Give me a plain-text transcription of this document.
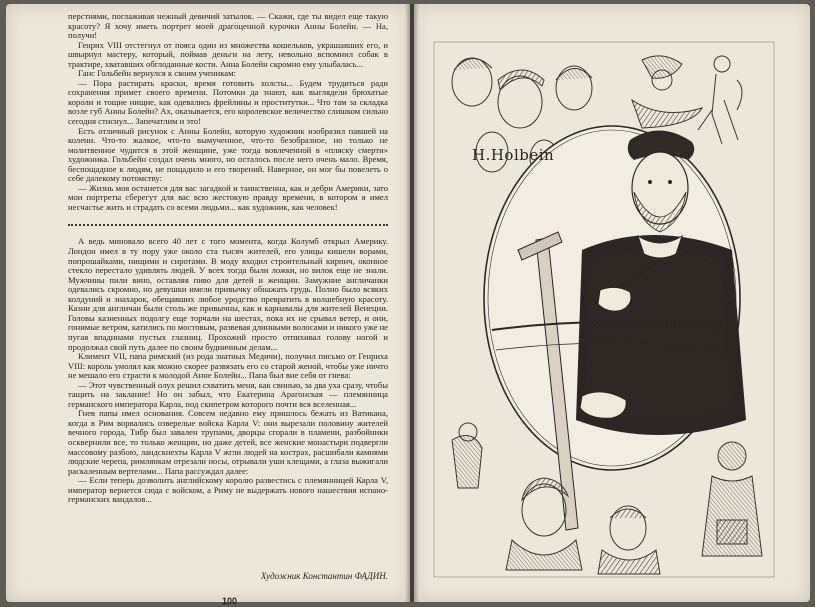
перстнями, поглаживая нежный девичий затылок. — Скажи, где ты видел еще такую красоту? Я хочу иметь портрет моей драгоценной курочки Анны Болейн. — На, получи!

Генрих VIII отстегнул от пояса один из множества кошельков, украшавших его, и швырнул мастеру, который, поймав деньги на лету, невольно вспомнил собак в трактире, хватавших обглоданные кости. Анна Болейн скромно ему улыбалась...

Ганс Гольбейн вернулся к своим ученикам:

— Пора растирать краски, время готовить холсты... Будем трудиться ради сохранения примет своего времени. Потомки да знают, как выглядели брюхатые короли и тощие нищие, как одевались фрейлины и проститутки... Что там за складка возле губ Анны Болейн? Ах, оказывается, его королевское величество слишком сильно сегодня стиснул... Запечатлим и это!

Есть отличный рисунок с Анны Болейн, которую художник изобразил павшей на колени. Что-то жалкое, что-то вымученное, что-то безобразное, но только не молитвенное чудится в этой женщине, уже тогда вовлеченной в «пляску смерти» художника. Гольбейн создал очень много, но осталось после него очень мало. Время, беспощадное к людям, не пощадило и его творений. Наверное, он мог бы повелеть о себе далекому потомству:

— Жизнь моя останется для вас загадкой и таинственна, как и дебри Америки, зато мои портреты сберегут для вас всю жестокую правду времени, в котором я имел несчастье жить и страдать со всеми людьми... как художник, как человек!

А ведь миновало всего 40 лет с того момента, когда Колумб открыл Америку. Лондон имел в ту пору уже около ста тысяч жителей, его улицы кишели ворами, попрошайками, нищими и сиротами. В моду входил строительный кирпич, оконное стекло перестало удивлять людей. У всех тогда были ложки, но вилок еще не знали. Мужчины пили вино, оставляя пиво для детей и женщин. Замужние англичанки одевались скромно, но девушки имели привычку обнажать грудь. Полно было всяких колдуний и знахарок, обещавших любое уродство превратить в волшебную красоту. Казни для англичан были столь же привычны, как и карнавалы для жителей Венеции. Головы казненных подолгу еще торчали на шестах, пока их не срывал ветер, и они, гонимые ветром, катились по мостовым, развевая длинными волосами и никого уже не пугая впадинами пустых глазниц. Прохожий просто отпихивал голову ногой и продолжал свой путь далее по своим будничным делам...

Климент VII, папа римский (из рода знатных Медичи), получил письмо от Генриха VIII: король умолял как можно скорее развязать его со старой женой, чтобы уже ничто не мешало его страсти к молодой Анне Болейн... Папа был вне себя от гнева:

— Этот чувственный олух решил схватить меня, как свинью, за два уха сразу, чтобы тащить на заклание! Но он забыл, что Екатерина Арагонская — племянница германского императора Карла, под скипетром которого почти вся вселенная...

Гнев папы имел основания. Совсем недавно ему пришлось бежать из Ватикана, когда в Рим ворвались озверелые войска Карла V: они вырезали половину жителей вечного города, Тибр был завален трупами, дворцы сгорали в пламени, разбойники осквернили все, то только женщин, но даже детей, все женские монастыри подвергли массовому разбою, ландскнехты Карла V жгли людей на кострах, расшибали камнями людские черепа, римлянкам отрезали носы, отрывали уши клещами, а глаза выжигали раскаленным вертелами... Папа рассуждал далее:

— Если теперь дозволить английскому королю развестись с племянницей Карла V, император вернется сюда с войском, а Риму не выдержать нового нашествия испано-германских вандалов...

Художник Константин ФАДИН.
100
H.Holbein
